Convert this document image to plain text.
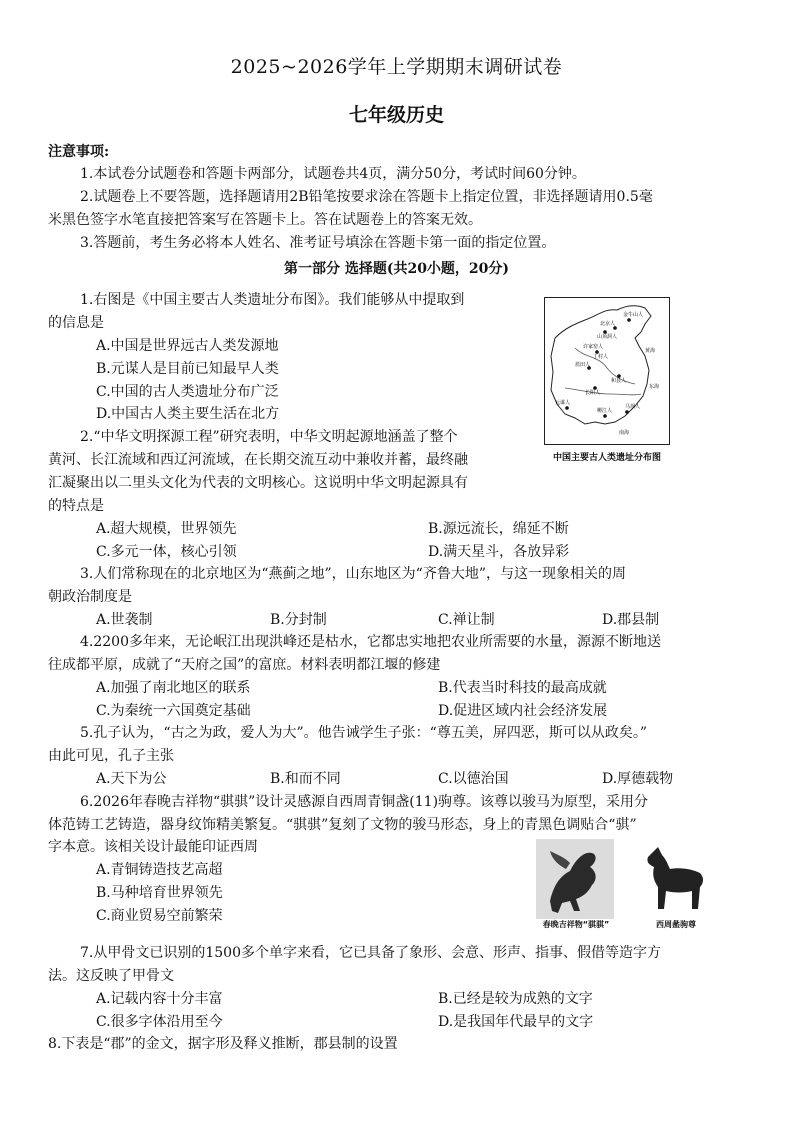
2025~2026学年上学期期末调研试卷
七年级历史
注意事项:
1.本试卷分试题卷和答题卡两部分，试题卷共4页，满分50分，考试时间60分钟。
2.试题卷上不要答题，选择题请用2B铅笔按要求涂在答题卡上指定位置，非选择题请用0.5毫
米黑色签字水笔直接把答案写在答题卡上。答在试题卷上的答案无效。
3.答题前，考生务必将本人姓名、准考证号填涂在答题卡第一面的指定位置。
第一部分 选择题(共20小题，20分)
1.右图是《中国主要古人类遗址分布图》。我们能够从中提取到
的信息是
A.中国是世界远古人类发源地
B.元谋人是目前已知最早人类
C.中国的古人类遗址分布广泛
D.中国古人类主要生活在北方
金牛山人
北京人
山顶洞人
许家窑人
丁村人
蓝田人
和县人
长阳人
元谋人
柳江人
马坝人
黄海
东海
南海
中国主要古人类遗址分布图
2.“中华文明探源工程”研究表明，中华文明起源地涵盖了整个
黄河、长江流域和西辽河流域，在长期交流互动中兼收并蓄，最终融
汇凝聚出以二里头文化为代表的文明核心。这说明中华文明起源具有
的特点是
A.超大规模，世界领先	B.源远流长，绵延不断
C.多元一体，核心引领	D.满天星斗，各放异彩
3.人们常称现在的北京地区为“燕蓟之地”，山东地区为“齐鲁大地”，与这一现象相关的周
朝政治制度是
A.世袭制	B.分封制	C.禅让制	D.郡县制
4.2200多年来，无论岷江出现洪峰还是枯水，它都忠实地把农业所需要的水量，源源不断地送
往成都平原，成就了“天府之国”的富庶。材料表明都江堰的修建
A.加强了南北地区的联系	B.代表当时科技的最高成就
C.为秦统一六国奠定基础	D.促进区域内社会经济发展
5.孔子认为，“古之为政，爱人为大”。他告诫学生子张：“尊五美，屏四恶，斯可以从政矣。”
由此可见，孔子主张
A.天下为公	B.和而不同	C.以德治国	D.厚德载物
6.2026年春晚吉祥物“骐骐”设计灵感源自西周青铜盏(11)驹尊。该尊以骏马为原型，采用分
体范铸工艺铸造，器身纹饰精美繁复。“骐骐”复刻了文物的骏马形态，身上的青黑色调贴合“骐”
字本意。该相关设计最能印证西周
A.青铜铸造技艺高超
B.马种培育世界领先
C.商业贸易空前繁荣
春晚吉祥物“骐骐”	西周盠驹尊
7.从甲骨文已识别的1500多个单字来看，它已具备了象形、会意、形声、指事、假借等造字方
法。这反映了甲骨文
A.记载内容十分丰富	B.已经是较为成熟的文字
C.很多字体沿用至今	D.是我国年代最早的文字
8.下表是“郡”的金文，据字形及释义推断，郡县制的设置
